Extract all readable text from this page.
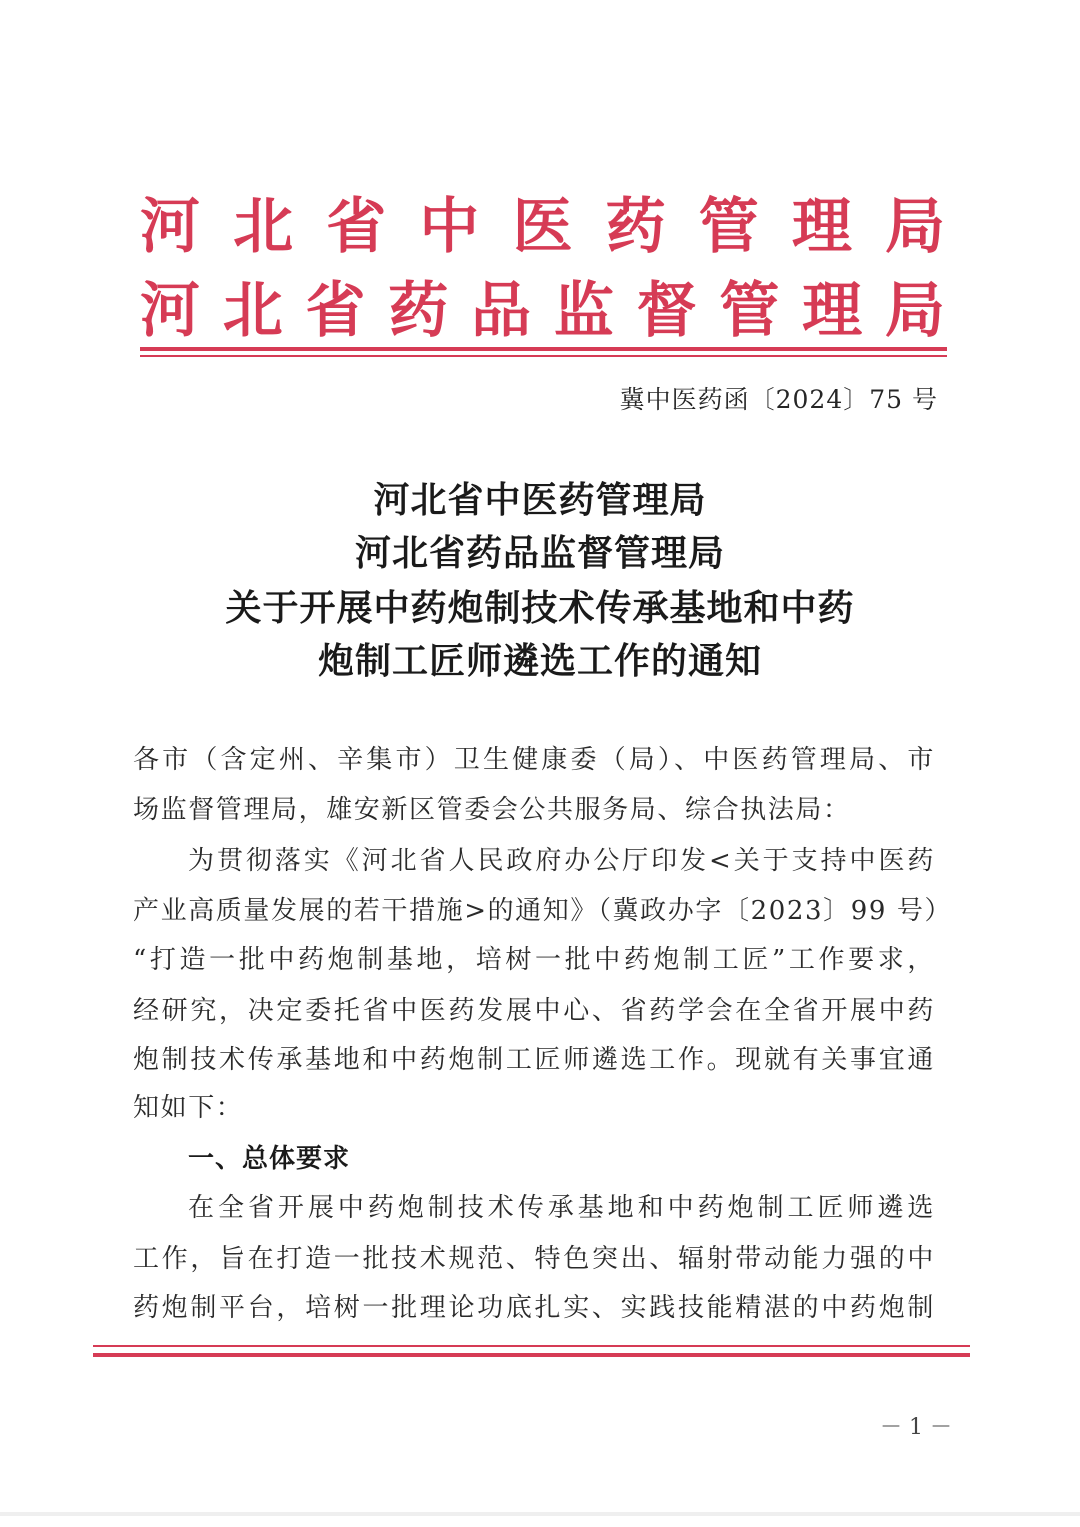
河 北 省 中 医 药 管 理 局
河 北 省 药 品 监 督 管 理 局
冀中医药函〔2024〕75 号
河北省中医药管理局
河北省药品监督管理局
关于开展中药炮制技术传承基地和中药
炮制工匠师遴选工作的通知
各市（含定州、辛集市）卫生健康委（局）、中医药管理局、市
场监督管理局，雄安新区管委会公共服务局、综合执法局：
为贯彻落实《河北省人民政府办公厅印发<关于支持中医药
产业高质量发展的若干措施>的通知》（冀政办字〔2023〕99 号）
“打造一批中药炮制基地，培树一批中药炮制工匠”工作要求，
经研究，决定委托省中医药发展中心、省药学会在全省开展中药
炮制技术传承基地和中药炮制工匠师遴选工作。现就有关事宜通
知如下：
一、总体要求
在全省开展中药炮制技术传承基地和中药炮制工匠师遴选
工作，旨在打造一批技术规范、特色突出、辐射带动能力强的中
药炮制平台，培树一批理论功底扎实、实践技能精湛的中药炮制
－ 1 －
